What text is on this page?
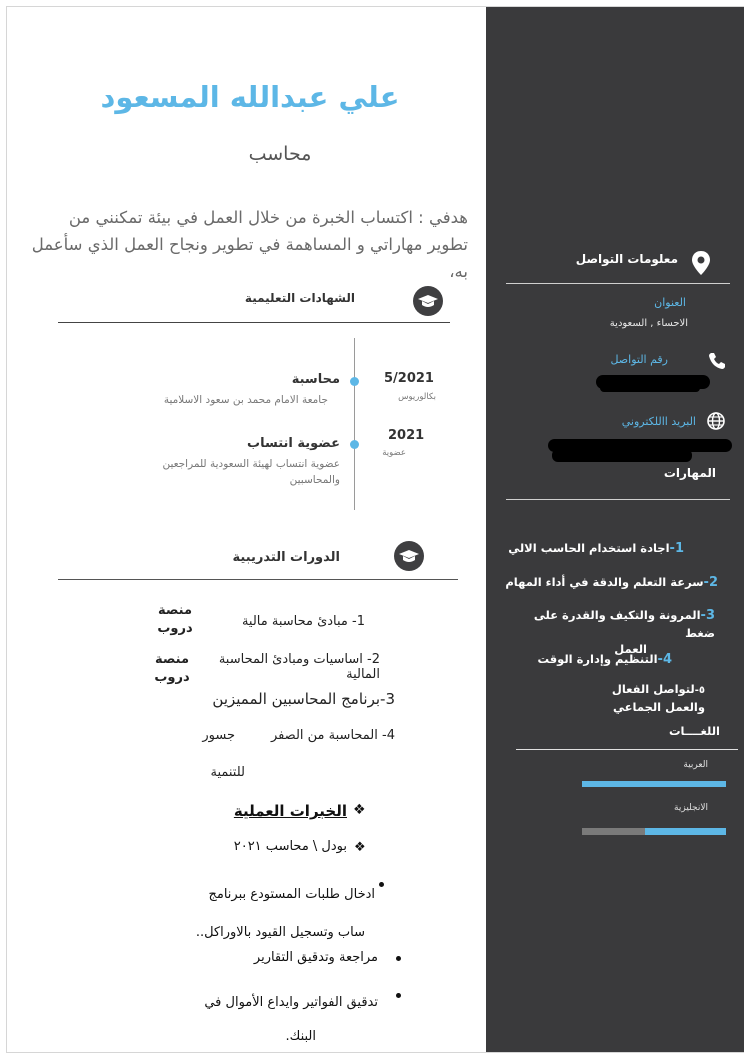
علي عبدالله المسعود
محاسب
هدفي : اكتساب الخبرة من خلال العمل في بيئة تمكنني من
تطوير مهاراتي و المساهمة في تطوير ونجاح العمل الذي سأعمل به،
الشهادات التعليمية
محاسبة
جامعة الامام محمد بن سعود الاسلامية
5/2021
بكالوريوس
عضوية انتساب
عضوية انتساب لهيئة السعودية للمراجعين
والمحاسبين
2021
عضوية
الدورات التدريبية
1- مبادئ محاسبة مالية
منصة
دروب
2- اساسيات ومبادئ المحاسبة المالية
منصة
دروب
3-برنامج المحاسبين المميزين
4- المحاسبة من الصفر
جسور
للتنمية
❖
الخبرات العملية
❖
بودل \ محاسب ٢٠٢١
ادخال طلبات المستودع ببرنامج
ساب وتسجيل القيود بالاوراكل..
مراجعة وتدقيق التقارير
تدقيق الفواتير وايداع الأموال في
البنك.
معلومات التواصل
العنوان
الاحساء , السعودية
رقم التواصل
البريد االلكتروني
المهارات
1-اجادة استخدام الحاسب الالي
2-سرعة التعلم والدقة في أداء المهام
3-المرونة والتكيف والقدرة على ضغط
العمل
4-التنظيم وإدارة الوقت
٥-لتواصل الفعال
والعمل الجماعي
اللغــــات
العربية
الانجليزية
